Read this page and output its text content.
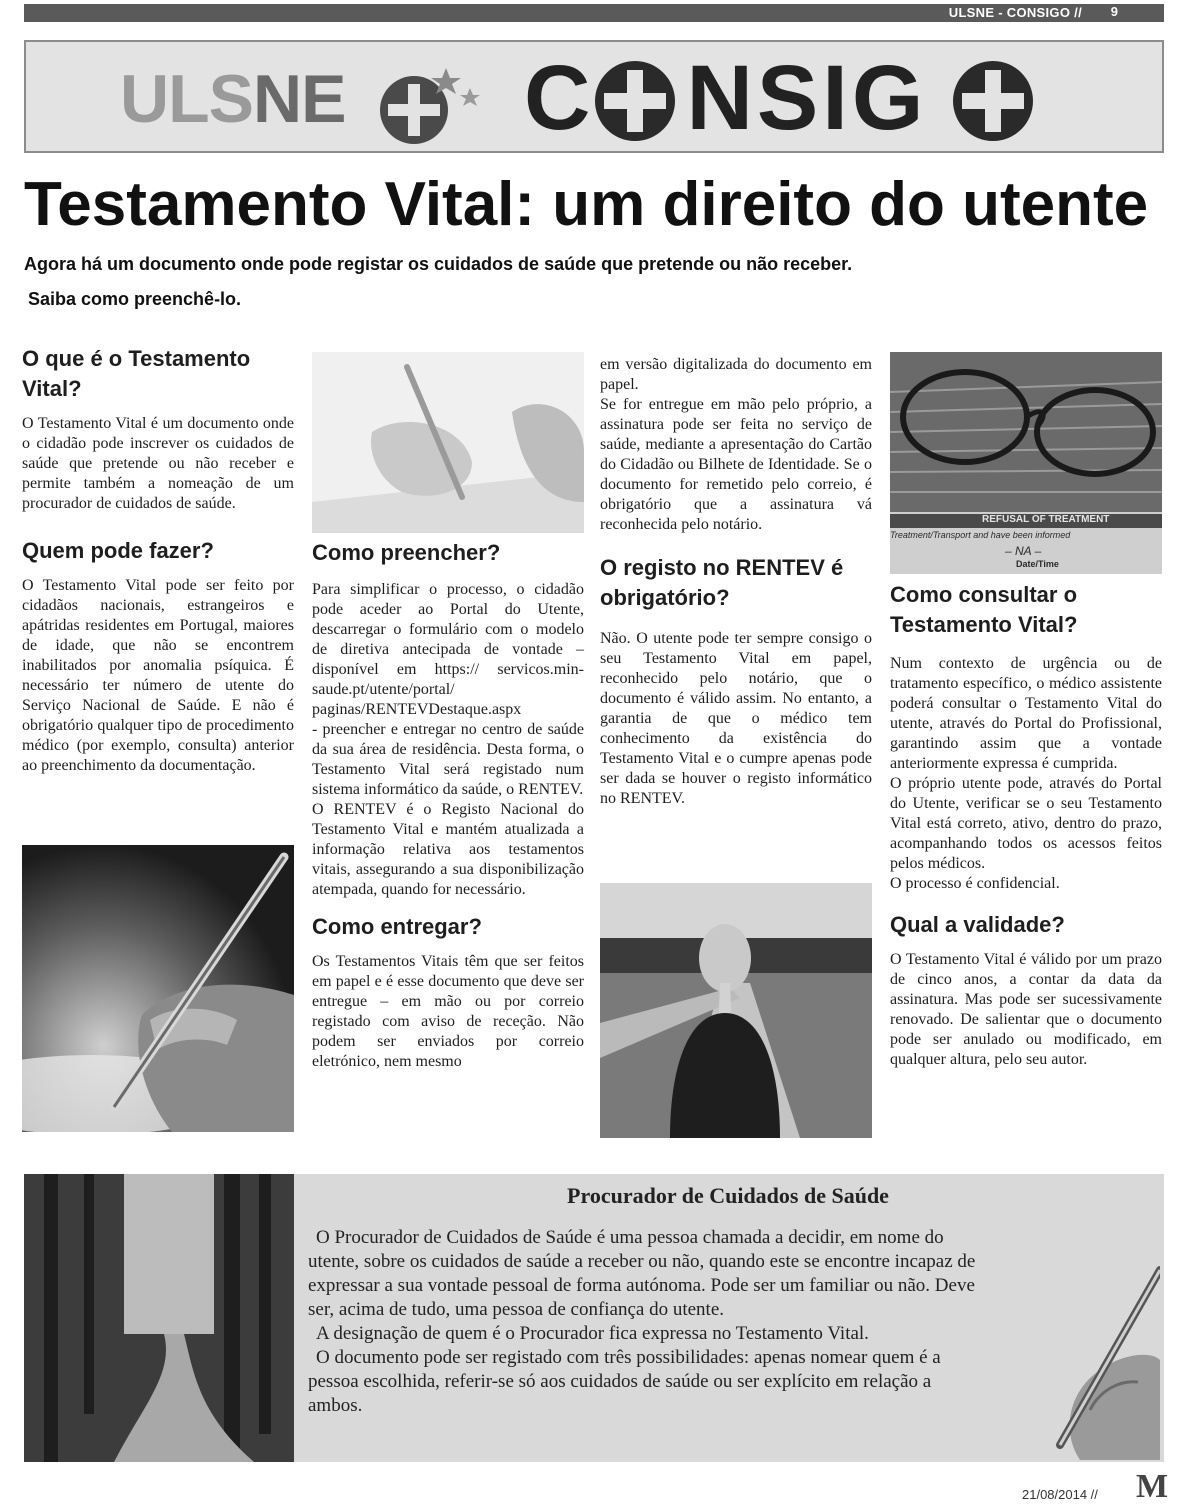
ULSNE - CONSIGO // 9
ULSNE C NSIG
Testamento Vital: um direito do utente

Agora há um documento onde pode registar os cuidados de saúde que pretende ou não receber.

Saiba como preenchê-lo.

O que é o Testamento Vital?

O Testamento Vital é um documento onde o cidadão pode inscrever os cuidados de saúde que pretende ou não receber e permite também a nomeação de um procurador de cuidados de saúde.

Quem pode fazer?

O Testamento Vital pode ser feito por cidadãos nacionais, estrangeiros e apátridas residentes em Portugal, maiores de idade, que não se encontrem inabilitados por anomalia psíquica. É necessário ter número de utente do Serviço Nacional de Saúde. E não é obrigatório qualquer tipo de procedimento médico (por exemplo, consulta) anterior ao preenchimento da documentação.

Como preencher?

Para simplificar o processo, o cidadão pode aceder ao Portal do Utente, descarregar o formulário com o modelo de diretiva antecipada de vontade – disponível em https:// servicos.min-saude.pt/utente/portal/ paginas/RENTEVDestaque.aspx

- preencher e entregar no centro de saúde da sua área de residência. Desta forma, o Testamento Vital será registado num sistema informático da saúde, o RENTEV.

O RENTEV é o Registo Nacional do Testamento Vital e mantém atualizada a informação relativa aos testamentos vitais, assegurando a sua disponibilização atempada, quando for necessário.

Como entregar?

Os Testamentos Vitais têm que ser feitos em papel e é esse documento que deve ser entregue – em mão ou por correio registado com aviso de receção. Não podem ser enviados por correio eletrónico, nem mesmo

em versão digitalizada do documento em papel.

Se for entregue em mão pelo próprio, a assinatura pode ser feita no serviço de saúde, mediante a apresentação do Cartão do Cidadão ou Bilhete de Identidade. Se o documento for remetido pelo correio, é obrigatório que a assinatura vá reconhecida pelo notário.

O registo no RENTEV é obrigatório?

Não. O utente pode ter sempre consigo o seu Testamento Vital em papel, reconhecido pelo notário, que o documento é válido assim. No entanto, a garantia de que o médico tem conhecimento da existência do Testamento Vital e o cumpre apenas pode ser dada se houver o registo informático no RENTEV.

REFUSAL OF TREATMENT
Treatment/Transport and have been informed
– NA –
Date/Time
Como consultar o Testamento Vital?

Num contexto de urgência ou de tratamento específico, o médico assistente poderá consultar o Testamento Vital do utente, através do Portal do Profissional, garantindo assim que a vontade anteriormente expressa é cumprida.

O próprio utente pode, através do Portal do Utente, verificar se o seu Testamento Vital está correto, ativo, dentro do prazo, acompanhando todos os acessos feitos pelos médicos.

O processo é confidencial.

Qual a validade?

O Testamento Vital é válido por um prazo de cinco anos, a contar da data da assinatura. Mas pode ser sucessivamente renovado. De salientar que o documento pode ser anulado ou modificado, em qualquer altura, pelo seu autor.

Procurador de Cuidados de Saúde

O Procurador de Cuidados de Saúde é uma pessoa chamada a decidir, em nome do utente, sobre os cuidados de saúde a receber ou não, quando este se encontre incapaz de expressar a sua vontade pessoal de forma autónoma. Pode ser um familiar ou não. Deve ser, acima de tudo, uma pessoa de confiança do utente.

A designação de quem é o Procurador fica expressa no Testamento Vital.

O documento pode ser registado com três possibilidades: apenas nomear quem é a pessoa escolhida, referir-se só aos cuidados de saúde ou ser explícito em relação a ambos.

21/08/2014 // M
